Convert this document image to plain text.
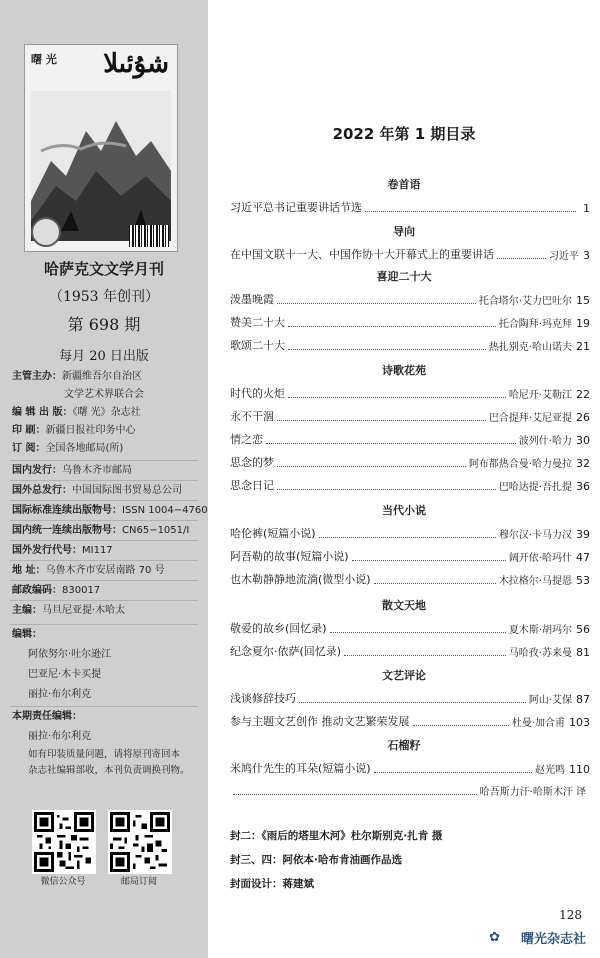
曙 光 شۇئىلا
哈萨克文文学月刊
（1953 年创刊）
第 698 期
每月 20 日出版
主管主办：新疆维吾尔自治区
文学艺术界联合会
编 辑 出 版：《曙 光》杂志社
印 刷：新疆日报社印务中心
订 阅：全国各地邮局(所)
国内发行：乌鲁木齐市邮局
国外总发行：中国国际图书贸易总公司
国际标准连续出版物号：ISSN 1004−4760
国内统一连续出版物号：CN65−1051/I
国外发行代号：MI117
地 址：乌鲁木齐市安居南路 70 号
邮政编码：830017
主编：马旦尼亚提·木哈太
编辑：
阿依努尔·吐尔逊江
巴亚尼·木卡买提
丽拉·布尔利克
本期责任编辑：
丽拉·布尔利克
如有印装质量问题，请将原刊寄回本
杂志社编辑部收，本刊负责调换刊物。
微信公众号	邮局订阅
2022 年第 1 期目录
卷首语
习近平总书记重要讲话节选	1
导向
在中国文联十一大、中国作协十大开幕式上的重要讲话	习近平 3
喜迎二十大
泼墨晚霞	托合塔尔·艾力巴吐尔 15
赞美二十大	托合陶拜·玛克拜 19
歌颂二十大	热扎别克·哈山诺夫 21
诗歌花苑
时代的火炬	哈尼开·艾勒江 22
永不干涸	巴合提拜·艾尼亚提 26
情之恋	波列什·哈力 30
思念的梦	阿布都热合曼·哈力曼拉 32
思念日记	巴哈达提·吾扎提 36
当代小说
哈伦裤(短篇小说)	穆尔汉·卡马力汉 39
阿吾勒的故事(短篇小说)	阔开依·哈玛什 47
也木勒静静地流淌(微型小说)	木拉格尔·马提恩 53
散文天地
敬爱的故乡(回忆录)	夏木斯·胡玛尔 56
纪念夏尔·依萨(回忆录)	马哈孜·苏来曼 81
文艺评论
浅谈修辞技巧	阿山·艾保 87
参与主题文艺创作 推动文艺繁荣发展	杜曼·加合甫 103
石榴籽
米鸠什先生的耳朵(短篇小说)	赵光鸣 110
哈吾斯力汗·哈斯木汗 译
封二：《雨后的塔里木河》杜尔斯别克·扎肯 摄
封三、四：阿依本·哈布肯油画作品选
封面设计：蒋建斌
128
✿ 曙光杂志社
